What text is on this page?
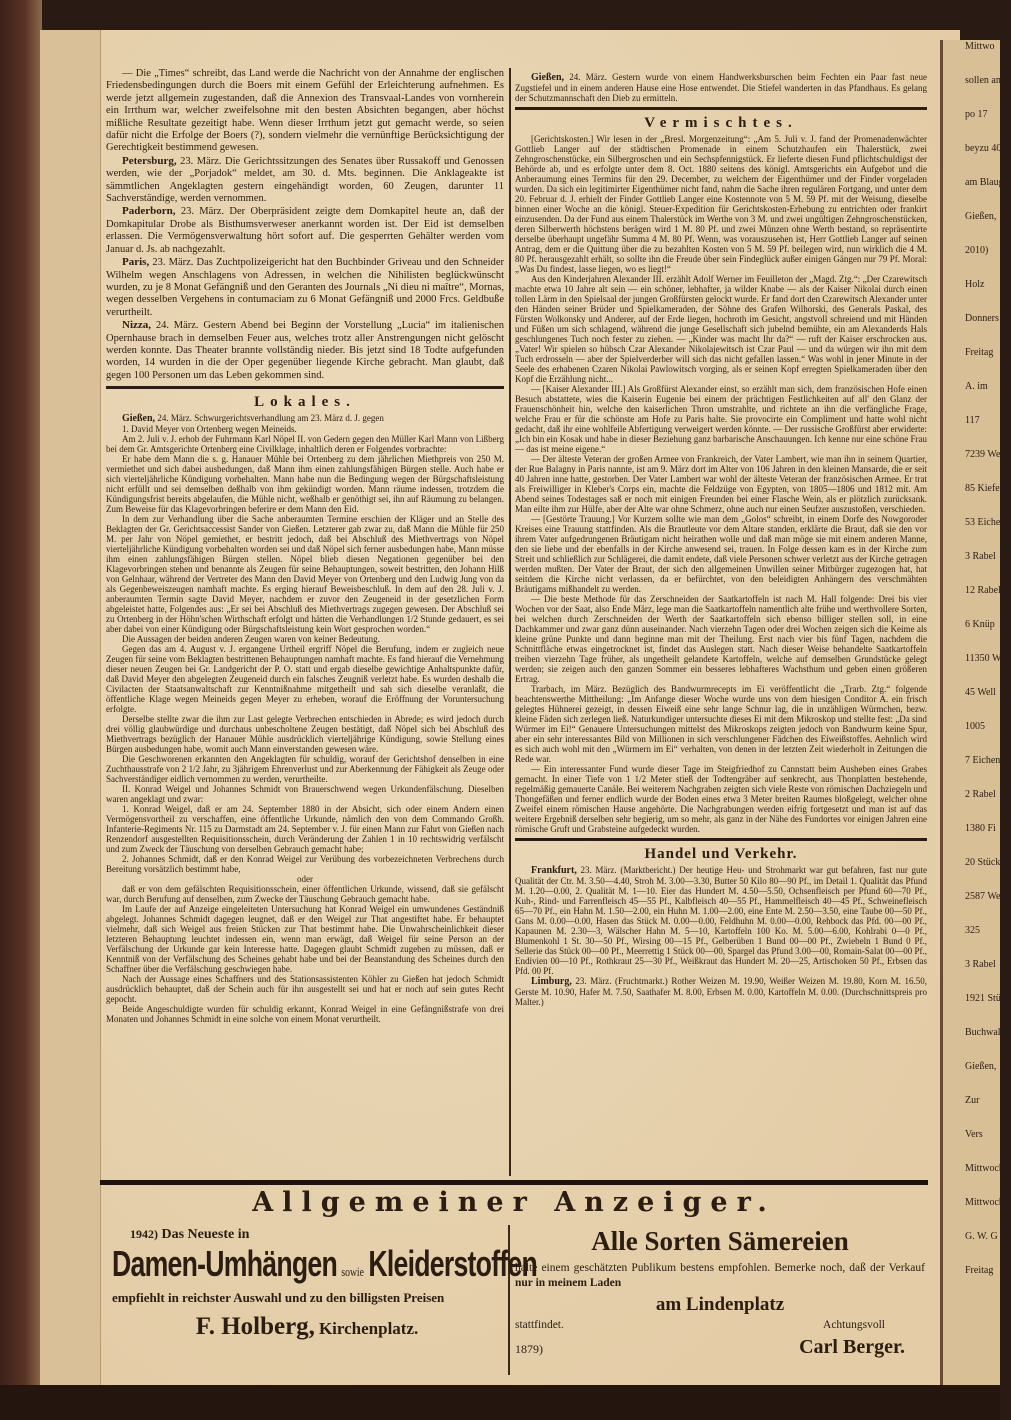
— Die „Times“ schreibt, das Land werde die Nachricht von der Annahme der englischen Friedensbedingungen durch die Boers mit einem Gefühl der Erleichterung aufnehmen. Es werde jetzt allgemein zugestanden, daß die Annexion des Transvaal-Landes von vornherein ein Irrthum war, welcher zweifelsohne mit den besten Absichten begangen, aber höchst mißliche Resultate gezeitigt habe. Wenn dieser Irrthum jetzt gut gemacht werde, so seien dafür nicht die Erfolge der Boers (?), sondern vielmehr die vernünftige Berücksichtigung der Gerechtigkeit bestimmend gewesen.

Petersburg, 23. März. Die Gerichtssitzungen des Senates über Russakoff und Genossen werden, wie der „Porjadok“ meldet, am 30. d. Mts. beginnen. Die Anklageakte ist sämmtlichen Angeklagten gestern eingehändigt worden, 60 Zeugen, darunter 11 Sachverständige, werden vernommen.

Paderborn, 23. März. Der Oberpräsident zeigte dem Domkapitel heute an, daß der Domkapitular Drobe als Bisthumsverweser anerkannt worden ist. Der Eid ist demselben erlassen. Die Vermögensverwaltung hört sofort auf. Die gesperrten Gehälter werden vom Januar d. Js. ab nachgezahlt.

Paris, 23. März. Das Zuchtpolizeigericht hat den Buchbinder Griveau und den Schneider Wilhelm wegen Anschlagens von Adressen, in welchen die Nihilisten beglückwünscht wurden, zu je 8 Monat Gefängniß und den Geranten des Journals „Ni dieu ni maître“, Mornas, wegen desselben Vergehens in contumaciam zu 6 Monat Gefängniß und 2000 Frcs. Geldbuße verurtheilt.

Nizza, 24. März. Gestern Abend bei Beginn der Vorstellung „Lucia“ im italienischen Opernhause brach in demselben Feuer aus, welches trotz aller Anstrengungen nicht gelöscht werden konnte. Das Theater brannte vollständig nieder. Bis jetzt sind 18 Todte aufgefunden worden, 14 wurden in die der Oper gegenüber liegende Kirche gebracht. Man glaubt, daß gegen 100 Personen um das Leben gekommen sind.

Lokales.

Gießen, 24. März. Schwurgerichtsverhandlung am 23. März d. J. gegen

1. David Meyer von Ortenberg wegen Meineids.

Am 2. Juli v. J. erhob der Fuhrmann Karl Nöpel II. von Gedern gegen den Müller Karl Mann von Lißberg bei dem Gr. Amtsgerichte Ortenberg eine Civilklage, inhaltlich deren er Folgendes vorbrachte:

Er habe dem Mann die s. g. Hanauer Mühle bei Ortenberg zu dem jährlichen Miethpreis von 250 M. vermiethet und sich dabei ausbedungen, daß Mann ihm einen zahlungsfähigen Bürgen stelle. Auch habe er sich vierteljährliche Kündigung vorbehalten. Mann habe nun die Bedingung wegen der Bürgschaftsleistung nicht erfüllt und sei demselben deßhalb von ihm gekündigt worden. Mann räume indessen, trotzdem die Kündigungsfrist bereits abgelaufen, die Mühle nicht, weßhalb er genöthigt sei, ihn auf Räumung zu belangen. Zum Beweise für das Klagevorbringen beferire er dem Mann den Eid.

In dem zur Verhandlung über die Sache anberaumten Termine erschien der Kläger und an Stelle des Beklagten der Gr. Gerichtsaccessist Sander von Gießen. Letzterer gab zwar zu, daß Mann die Mühle für 250 M. per Jahr von Nöpel gemiethet, er bestritt jedoch, daß bei Abschluß des Miethvertrags von Nöpel vierteljährliche Kündigung vorbehalten worden sei und daß Nöpel sich ferner ausbedungen habe, Mann müsse ihm einen zahlungsfähigen Bürgen stellen. Nöpel blieb diesen Negationen gegenüber bei den Klagevorbringen stehen und benannte als Zeugen für seine Behauptungen, soweit bestritten, den Johann Hilß von Gelnhaar, während der Vertreter des Mann den David Meyer von Ortenberg und den Ludwig Jung von da als Gegenbeweiszeugen namhaft machte. Es erging hierauf Beweisbeschluß. In dem auf den 28. Juli v. J. anberaumten Termin sagte David Meyer, nachdem er zuvor den Zeugeneid in der gesetzlichen Form abgeleistet hatte, Folgendes aus: „Er sei bei Abschluß des Miethvertrags zugegen gewesen. Der Abschluß sei zu Ortenberg in der Höhn'schen Wirthschaft erfolgt und hätten die Verhandlungen 1/2 Stunde gedauert, es sei aber dabei von einer Kündigung oder Bürgschaftsleistung kein Wort gesprochen worden.“

Die Aussagen der beiden anderen Zeugen waren von keiner Bedeutung.

Gegen das am 4. August v. J. ergangene Urtheil ergriff Nöpel die Berufung, indem er zugleich neue Zeugen für seine vom Beklagten bestrittenen Behauptungen namhaft machte. Es fand hierauf die Vernehmung dieser neuen Zeugen bei Gr. Landgericht der P. O. statt und ergab dieselbe gewichtige Anhaltspunkte dafür, daß David Meyer den abgelegten Zeugeneid durch ein falsches Zeugniß verletzt habe. Es wurden deshalb die Civilacten der Staatsanwaltschaft zur Kenntnißnahme mitgetheilt und sah sich dieselbe veranlaßt, die öffentliche Klage wegen Meineids gegen Meyer zu erheben, worauf die Eröffnung der Voruntersuchung erfolgte.

Derselbe stellte zwar die ihm zur Last gelegte Verbrechen entschieden in Abrede; es wird jedoch durch drei völlig glaubwürdige und durchaus unbescholtene Zeugen bestätigt, daß Nöpel sich bei Abschluß des Miethvertrags bezüglich der Hanauer Mühle ausdrücklich vierteljährige Kündigung, sowie Stellung eines Bürgen ausbedungen habe, womit auch Mann einverstanden gewesen wäre.

Die Geschworenen erkannten den Angeklagten für schuldig, worauf der Gerichtshof denselben in eine Zuchthausstrafe von 2 1/2 Jahr, zu 3jährigem Ehrenverlust und zur Aberkennung der Fähigkeit als Zeuge oder Sachverständiger eidlich vernommen zu werden, verurtheilte.

II. Konrad Weigel und Johannes Schmidt von Brauerschwend wegen Urkundenfälschung. Dieselben waren angeklagt und zwar:

1. Konrad Weigel, daß er am 24. September 1880 in der Absicht, sich oder einem Andern einen Vermögensvortheil zu verschaffen, eine öffentliche Urkunde, nämlich den von dem Commando Großh. Infanterie-Regiments Nr. 115 zu Darmstadt am 24. September v. J. für einen Mann zur Fahrt von Gießen nach Renzendorf ausgestellten Requisitionsschein, durch Veränderung der Zahlen 1 in 10 rechtswidrig verfälscht und zum Zweck der Täuschung von derselben Gebrauch gemacht habe;

2. Johannes Schmidt, daß er den Konrad Weigel zur Verübung des vorbezeichneten Verbrechens durch Bereitung vorsätzlich bestimmt habe,

oder

daß er von dem gefälschten Requisitionsschein, einer öffentlichen Urkunde, wissend, daß sie gefälscht war, durch Berufung auf denselben, zum Zwecke der Täuschung Gebrauch gemacht habe.

Im Laufe der auf Anzeige eingeleiteten Untersuchung hat Konrad Weigel ein umwundenes Geständniß abgelegt. Johannes Schmidt dagegen leugnet, daß er den Weigel zur That angestiftet habe. Er behauptet vielmehr, daß sich Weigel aus freien Stücken zur That bestimmt habe. Die Unwahrscheinlichkeit dieser letzteren Behauptung leuchtet indessen ein, wenn man erwägt, daß Weigel für seine Person an der Verfälschung der Urkunde gar kein Interesse hatte. Dagegen glaubt Schmidt zugeben zu müssen, daß er Kenntniß von der Verfälschung des Scheines gehabt habe und bei der Beanstandung des Scheines durch den Schaffner über die Verfälschung geschwiegen habe.

Nach der Aussage eines Schaffners und des Stationsassistenten Köhler zu Gießen hat jedoch Schmidt ausdrücklich behauptet, daß der Schein auch für ihn ausgestellt sei und hat er noch auf sein gutes Recht gepocht.

Beide Angeschuldigte wurden für schuldig erkannt, Konrad Weigel in eine Gefängnißstrafe von drei Monaten und Johannes Schmidt in eine solche von einem Monat verurtheilt.

Gießen, 24. März. Gestern wurde von einem Handwerksburschen beim Fechten ein Paar fast neue Zugstiefel und in einem anderen Hause eine Hose entwendet. Die Stiefel wanderten in das Pfandhaus. Es gelang der Schutzmannschaft den Dieb zu ermitteln.

Vermischtes.

[Gerichtskosten.] Wir lesen in der „Bresl. Morgenzeitung“: „Am 5. Juli v. J. fand der Promenadenwächter Gottlieb Langer auf der städtischen Promenade in einem Schutzhaufen ein Thalerstück, zwei Zehngroschenstücke, ein Silbergroschen und ein Sechspfennigstück. Er lieferte diesen Fund pflichtschuldigst der Behörde ab, und es erfolgte unter dem 8. Oct. 1880 seitens des königl. Amtsgerichts ein Aufgebot und die Anberaumung eines Termins für den 29. December, zu welchem der Eigenthümer und der Finder vorgeladen wurden. Da sich ein legitimirter Eigenthümer nicht fand, nahm die Sache ihren regulären Fortgang, und unter dem 20. Februar d. J. erhielt der Finder Gottlieb Langer eine Kostennote von 5 M. 59 Pf. mit der Weisung, dieselbe binnen einer Woche an die königl. Steuer-Expedition für Gerichtskosten-Erhebung zu entrichten oder frankirt einzusenden. Da der Fund aus einem Thalerstück im Werthe von 3 M. und zwei ungültigen Zehngroschenstücken, deren Silberwerth höchstens berägen wird 1 M. 80 Pf. und zwei Münzen ohne Werth bestand, so repräsentirte derselbe überhaupt ungefähr Summa 4 M. 80 Pf. Wenn, was vorauszusehen ist, Herr Gottlieb Langer auf seinen Antrag, dem er die Quittung über die zu bezahlten Kosten von 5 M. 59 Pf. beilegen wird, nun wirklich die 4 M. 80 Pf. herausgezahlt erhält, so sollte ihn die Freude über sein Findeglück außer einigen Gängen nur 79 Pf. Moral: „Was Du findest, lasse liegen, wo es liegt!“

Aus den Kinderjahren Alexander III. erzählt Adolf Werner im Feuilleton der „Magd. Ztg.“: „Der Czarewitsch machte etwa 10 Jahre alt sein — ein schöner, lebhafter, ja wilder Knabe — als der Kaiser Nikolai durch einen tollen Lärm in den Spielsaal der jungen Großfürsten gelockt wurde. Er fand dort den Czarewitsch Alexander unter den Händen seiner Brüder und Spielkameraden, der Söhne des Grafen Wilhorski, des Generals Paskal, des Fürsten Wolkonsky und Anderer, auf der Erde liegen, hochroth im Gesicht, angstvoll schreiend und mit Händen und Füßen um sich schlagend, während die junge Gesellschaft sich jubelnd bemühte, ein am Alexanderds Hals geschlungenes Tuch noch fester zu ziehen. — „Kinder was macht Ihr da?“ — ruft der Kaiser erschrocken aus. „Vater! Wir spielen so hübsch Czar Alexander Nikolajewitsch ist Czar Paul — und da würgen wir ihn mit dem Tuch erdrosseln — aber der Spielverderber will sich das nicht gefallen lassen.“ Was wohl in jener Minute in der Seele des erhabenen Czaren Nikolai Pawlowitsch vorging, als er seinen Kopf erregten Spielkameraden über den Kopf die Erzählung nicht...

— [Kaiser Alexander III.] Als Großfürst Alexander einst, so erzählt man sich, dem französischen Hofe einen Besuch abstattete, wies die Kaiserin Eugenie bei einem der prächtigen Festlichkeiten auf all' den Glanz der Frauenschönheit hin, welche den kaiserlichen Thron umstrahlte, und richtete an ihn die verfängliche Frage, welche Frau er für die schönste am Hofe zu Paris halte. Sie provocirte ein Compliment und hatte wohl nicht gedacht, daß ihr eine wohlfeile Abfertigung verweigert werden könnte. — Der russische Großfürst aber erwiderte: „Ich bin ein Kosak und habe in dieser Beziehung ganz barbarische Anschauungen. Ich kenne nur eine schöne Frau — das ist meine eigene.“

— Der älteste Veteran der großen Armee von Frankreich, der Vater Lambert, wie man ihn in seinem Quartier, der Rue Balagny in Paris nannte, ist am 9. März dort im Alter von 106 Jahren in den kleinen Mansarde, die er seit 40 Jahren inne hatte, gestorben. Der Vater Lambert war wohl der älteste Veteran der französischen Armee. Er trat als Freiwilliger in Kleber's Corps ein, machte die Feldzüge von Egypten, von 1805—1806 und 1812 mit. Am Abend seines Todestages saß er noch mit einigen Freunden bei einer Flasche Wein, als er plötzlich zurücksank. Man eilte ihm zur Hülfe, aber der Alte war ohne Schmerz, ohne auch nur einen Seufzer auszustoßen, verschieden.

— [Gestörte Trauung.] Vor Kurzem sollte wie man dem „Golos“ schreibt, in einem Dorfe des Nowgoroder Kreises eine Trauung stattfinden. Als die Brautleute vor dem Altare standen, erklärte die Braut, daß sie den vor ihrem Vater aufgedrungenen Bräutigam nicht heirathen wolle und daß man möge sie mit einem anderen Manne, den sie liebe und der ebenfalls in der Kirche anwesend sei, trauen. In Folge dessen kam es in der Kirche zum Streit und schließlich zur Schlägerei, die damit endete, daß viele Personen schwer verletzt aus der Kirche getragen werden mußten. Der Vater der Braut, der sich den allgemeinen Unwillen seiner Mitbürger zugezogen hat, hat seitdem die Kirche nicht verlassen, da er befürchtet, von den beleidigten Anhängern des verschmähten Bräutigams mißhandelt zu werden.

— Die beste Methode für das Zerschneiden der Saatkartoffeln ist nach M. Hall folgende: Drei bis vier Wochen vor der Saat, also Ende März, lege man die Saatkartoffeln namentlich alte frühe und werthvollere Sorten, bei welchen durch Zerschneiden der Werth der Saatkartoffeln sich ebenso billiger stellen soll, in eine Dachkammer und zwar ganz dünn auseinander. Nach vierzehn Tagen oder drei Wochen zeigen sich die Keime als kleine grüne Punkte und dann beginne man mit der Theilung. Erst nach vier bis fünf Tagen, nachdem die Schnittfläche etwas eingetrocknet ist, findet das Auslegen statt. Nach dieser Weise behandelte Saatkartoffeln treiben vierzehn Tage früher, als ungetheilt gelandete Kartoffeln, welche auf demselben Grundstücke gelegt werden; sie zeigen auch den ganzen Sommer ein besseres lebhafteres Wachsthum und geben einen größeren Ertrag.

Trarbach, im März. Bezüglich des Bandwurmrecepts im Ei veröffentlicht die „Trarb. Ztg.“ folgende beachtenswerthe Mittheilung: „Im Anfange dieser Woche wurde uns von dem hiesigen Conditor A. ein frisch gelegtes Hühnerei gezeigt, in dessen Eiweiß eine sehr lange Schnur lag, die in unzähligen Würmchen, bezw. kleine Fäden sich zerlegen ließ. Naturkundiger untersuchte dieses Ei mit dem Mikroskop und stellte fest: „Da sind Würmer im Ei!“ Genauere Untersuchungen mittelst des Mikroskops zeigten jedoch von Bandwurm keine Spur, aber ein sehr interessantes Bild von Millionen in sich verschlungener Fädchen des Eiweißstoffes. Aehnlich wird es sich auch wohl mit den „Würmern im Ei“ verhalten, von denen in der letzten Zeit wiederholt in Zeitungen die Rede war.

— Ein interessanter Fund wurde dieser Tage im Steigfriedhof zu Cannstatt beim Ausheben eines Grabes gemacht. In einer Tiefe von 1 1/2 Meter stieß der Todtengräber auf senkrecht, aus Thonplatten bestehende, regelmäßig gemauerte Canäle. Bei weiterem Nachgraben zeigten sich viele Reste von römischen Dachziegeln und Thongefäßen und ferner endlich wurde der Boden eines etwa 3 Meter breiten Raumes bloßgelegt, welcher ohne Zweifel einem römischen Hause angehörte. Die Nachgrabungen werden eifrig fortgesetzt und man ist auf das weitere Ergebniß derselben sehr begierig, um so mehr, als ganz in der Nähe des Fundortes vor einigen Jahren eine römische Gruft und Grabsteine aufgedeckt wurden.

Handel und Verkehr.

Frankfurt, 23. März. (Marktbericht.) Der heutige Heu- und Strohmarkt war gut befahren, fast nur gute Qualität der Ctr. M. 3.50—4.40, Stroh M. 3.00—3.30, Butter 50 Kilo 80—90 Pf., im Detail 1. Qualität das Pfund M. 1.20—0.00, 2. Qualität M. 1—10. Eier das Hundert M. 4.50—5.50, Ochsenfleisch per Pfund 60—70 Pf., Kuh-, Rind- und Farrenfleisch 45—55 Pf., Kalbfleisch 40—55 Pf., Hammelfleisch 40—45 Pf., Schweinefleisch 65—70 Pf., ein Hahn M. 1.50—2.00, ein Huhn M. 1.00—2.00, eine Ente M. 2.50—3.50, eine Taube 00—50 Pf., Gans M. 0.00—0.00, Hasen das Stück M. 0.00—0.00, Feldhuhn M. 0.00—0.00, Rehbock das Pfd. 00—00 Pf., Kapaunen M. 2.30—3, Wälscher Hahn M. 5—10, Kartoffeln 100 Ko. M. 5.00—6.00, Kohlrabi 0—0 Pf., Blumenkohl 1 St. 30—50 Pf., Wirsing 00—15 Pf., Gelberüben 1 Bund 00—00 Pf., Zwiebeln 1 Bund 0 Pf., Sellerie das Stück 00—00 Pf., Meerrettig 1 Stück 00—00, Spargel das Pfund 3.00—00, Romain-Salat 00—00 Pf., Endivien 00—10 Pf., Rothkraut 25—30 Pf., Weißkraut das Hundert M. 20—25, Artischoken 50 Pf., Erbsen das Pfd. 00 Pf.

Limburg, 23. März. (Fruchtmarkt.) Rother Weizen M. 19.90, Weißer Weizen M. 19.80, Korn M. 16.50, Gerste M. 10.90, Hafer M. 7.50, Saathafer M. 8.00, Erbsen M. 0.00, Kartoffeln M. 0.00. (Durchschnittspreis pro Malter.)

Allgemeiner Anzeiger.
1942) Das Neueste in
Damen-Umhängen sowie Kleiderstoffen
empfiehlt in reichster Auswahl und zu den billigsten Preisen
F. Holberg, Kirchenplatz.
Alle Sorten Sämereien
halte einem geschätzten Publikum bestens empfohlen. Bemerke noch, daß der Verkauf nur in meinem Laden
am Lindenplatz
stattfindet.	Achtungsvoll
1879)	Carl Berger.
Mittwo
sollen an d
po 17
beyzu 40
am Blaug
Gießen,
2010)
Holz
Donners
Freitag
A. im
117
7239 Well
85 Kiefer
53 Eichen
3 Rabel
12 Rabel
6 Knüp
11350 Well
45 Well
1005
7 Eichen
2 Rabel
1380 Fi
20 Stück
2587 Wel
325
3 Rabel
1921 Stück
Buchwal
Gießen,
Zur
Vers
Mittwoch
Mittwoch
G. W. G
Freitag
